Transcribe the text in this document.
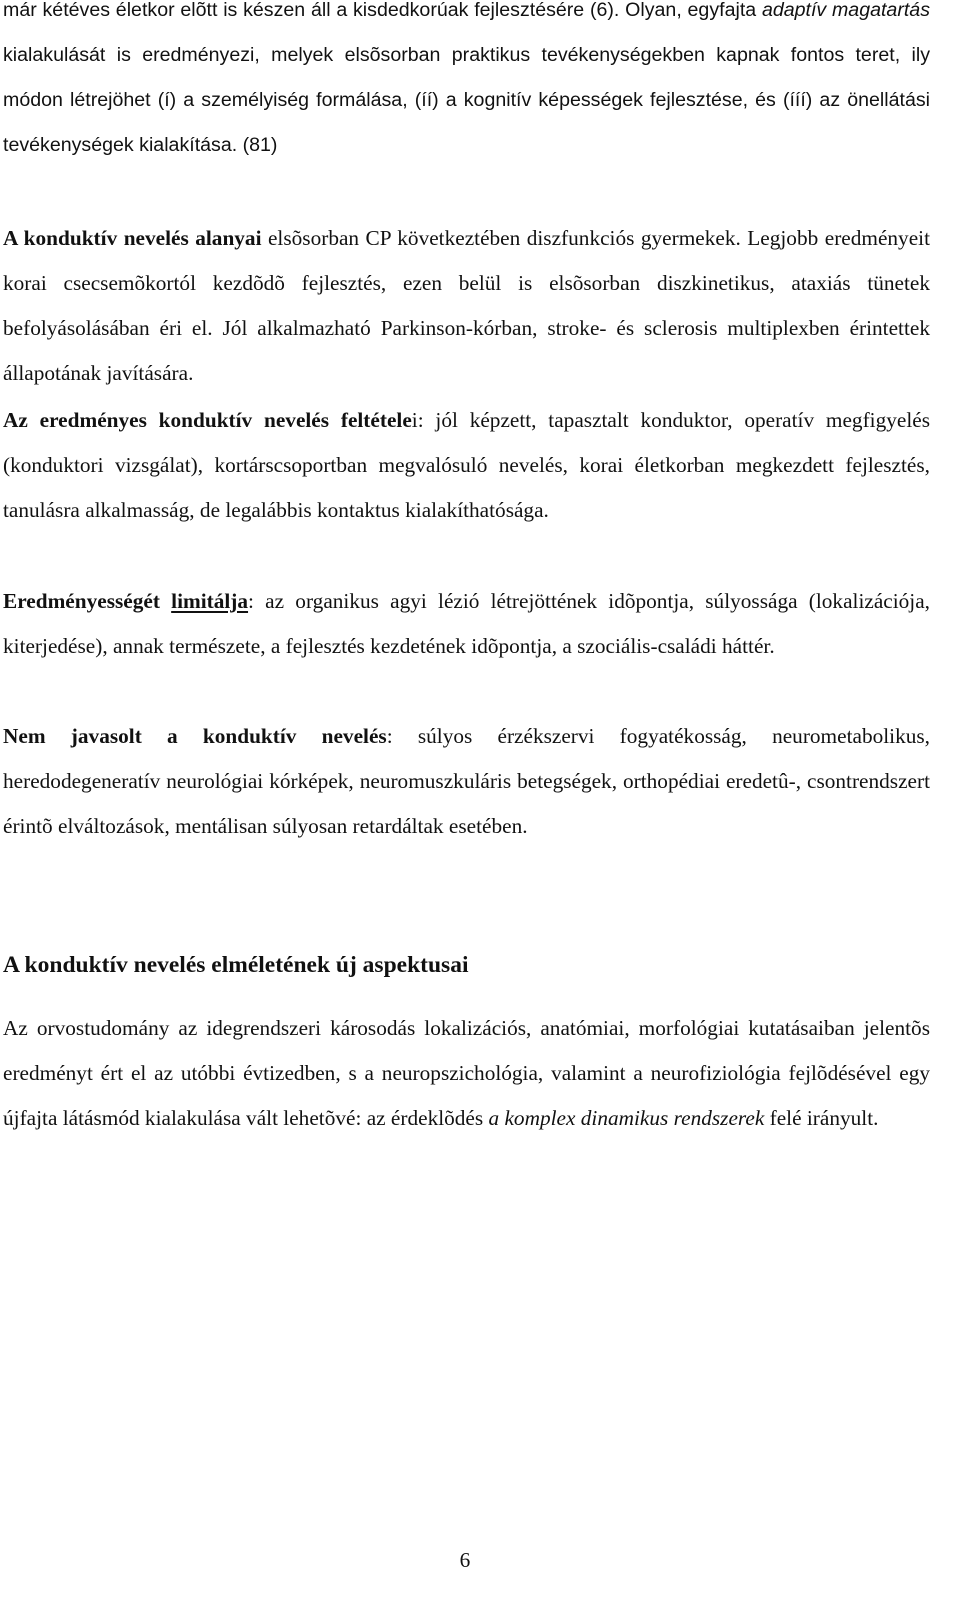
már kétéves életkor elõtt is készen áll a kisdedkorúak fejlesztésére (6). Olyan, egyfajta adaptív magatartás kialakulását is eredményezi, melyek elsõsorban praktikus tevékenységekben kapnak fontos teret, ily módon létrejöhet (í) a személyiség formálása, (íí) a kognitív képességek fejlesztése, és (ííí) az önellátási tevékenységek kialakítása. (81)

A konduktív nevelés alanyai elsõsorban CP következtében diszfunkciós gyermekek. Legjobb eredményeit korai csecsemõkortól kezdõdõ fejlesztés, ezen belül is elsõsorban diszkinetikus, ataxiás tünetek befolyásolásában éri el. Jól alkalmazható Parkinson-kórban, stroke- és sclerosis multiplexben érintettek állapotának javítására.

Az eredményes konduktív nevelés feltételei: jól képzett, tapasztalt konduktor, operatív megfigyelés (konduktori vizsgálat), kortárscsoportban megvalósuló nevelés, korai életkorban megkezdett fejlesztés, tanulásra alkalmasság, de legalábbis kontaktus kialakíthatósága.

Eredményességét limitálja: az organikus agyi lézió létrejöttének idõpontja, súlyossága (lokalizációja, kiterjedése), annak természete, a fejlesztés kezdetének idõpontja, a szociális-családi háttér.

Nem javasolt a konduktív nevelés: súlyos érzékszervi fogyatékosság, neurometabolikus, heredodegeneratív neurológiai kórképek, neuromuszkuláris betegségek, orthopédiai eredetû-, csontrendszert érintõ elváltozások, mentálisan súlyosan retardáltak esetében.

A konduktív nevelés elméletének új aspektusai

Az orvostudomány az idegrendszeri károsodás lokalizációs, anatómiai, morfológiai kutatásaiban jelentõs eredményt ért el az utóbbi évtizedben, s a neuropszichológia, valamint a neurofiziológia fejlõdésével egy újfajta látásmód kialakulása vált lehetõvé: az érdeklõdés a komplex dinamikus rendszerek felé irányult.

6
